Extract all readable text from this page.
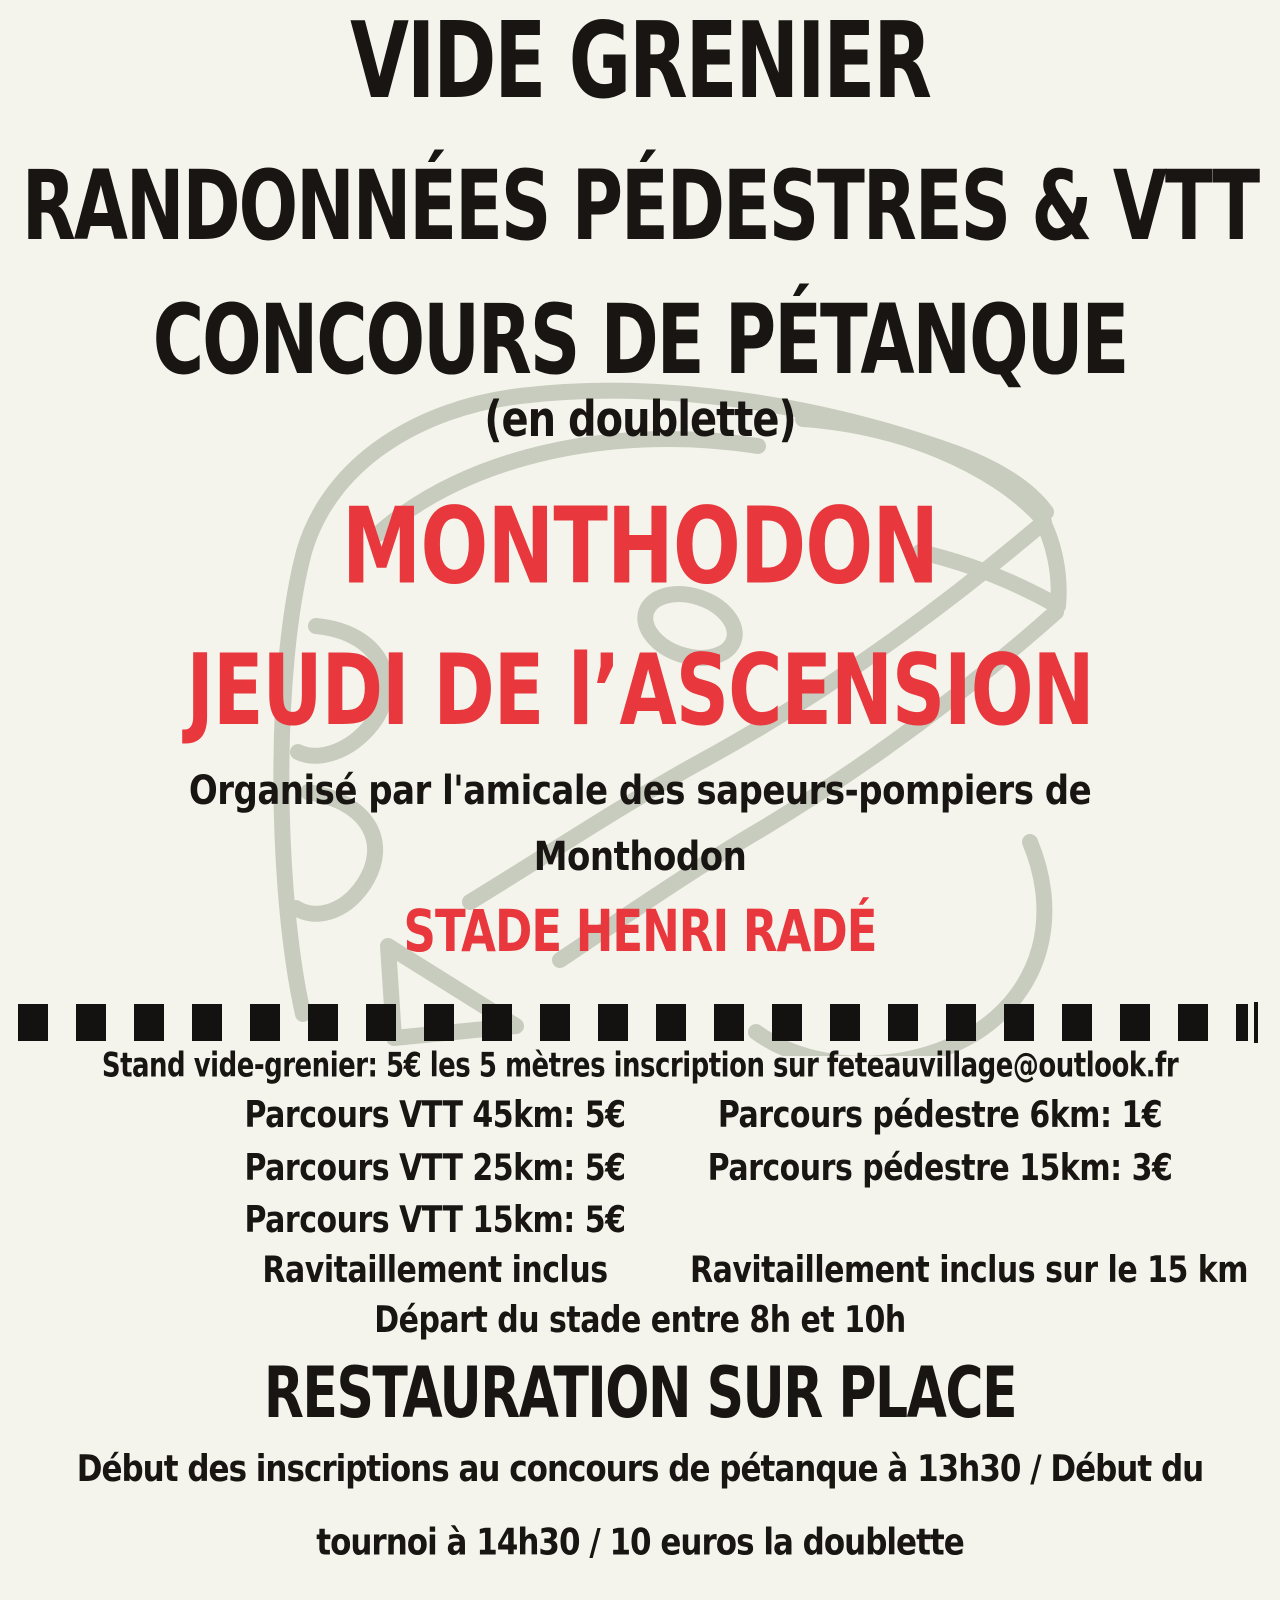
VIDE GRENIER
RANDONNÉES PÉDESTRES & VTT
CONCOURS DE PÉTANQUE
(en doublette)
MONTHODON
JEUDI DE l’ASCENSION
Organisé par l'amicale des sapeurs-pompiers de Monthodon
STADE HENRI RADÉ
Stand vide-grenier: 5€ les 5 mètres inscription sur feteauvillage@outlook.fr
Parcours VTT 45km: 5€	Parcours pédestre 6km: 1€
Parcours VTT 25km: 5€	Parcours pédestre 15km: 3€
Parcours VTT 15km: 5€
Ravitaillement inclus	Ravitaillement inclus sur le 15 km
Départ du stade entre 8h et 10h
RESTAURATION SUR PLACE
Début des inscriptions au concours de pétanque à 13h30 / Début du tournoi à 14h30 / 10 euros la doublette
